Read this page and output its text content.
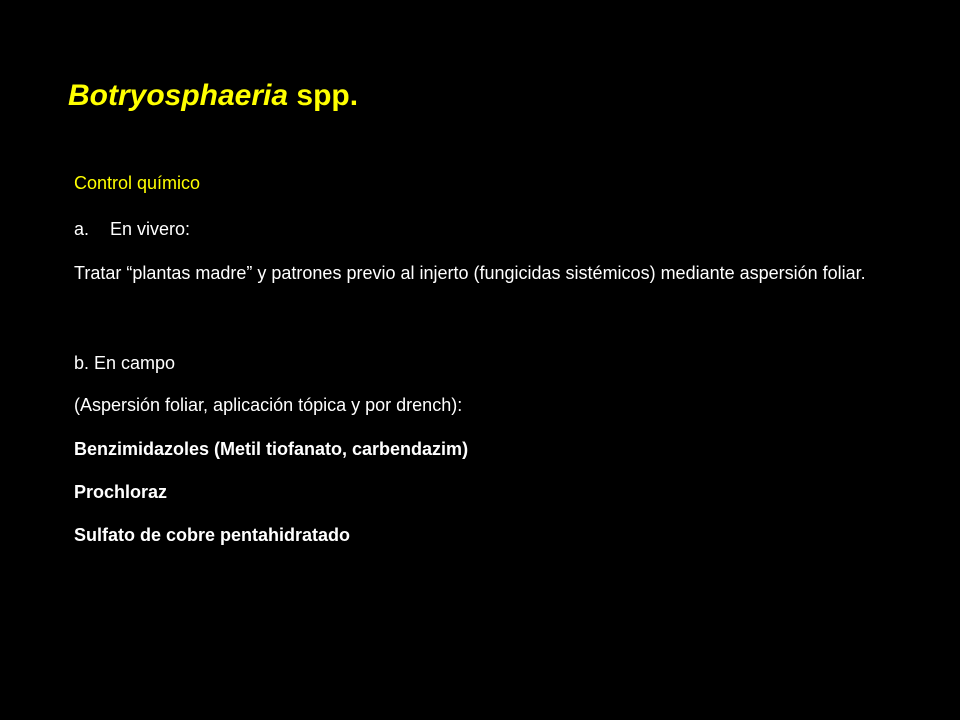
Botryosphaeria spp.
Control químico
a. En vivero:
Tratar “plantas madre” y patrones previo al injerto (fungicidas sistémicos) mediante aspersión foliar.
b. En campo
(Aspersión foliar, aplicación tópica y por drench):
Benzimidazoles (Metil tiofanato, carbendazim)
Prochloraz
Sulfato de cobre pentahidratado
